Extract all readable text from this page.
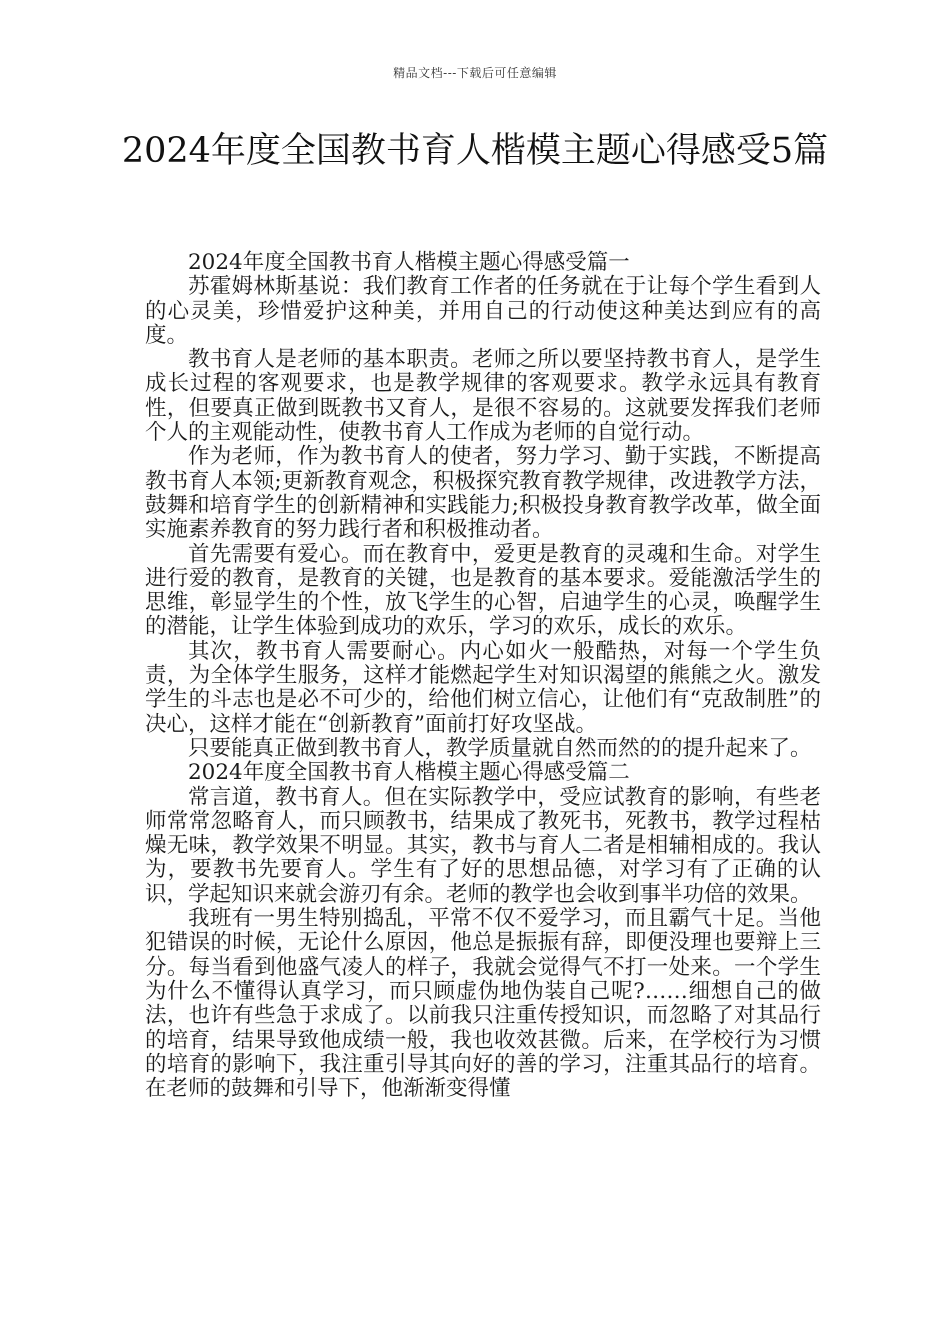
精品文档---下载后可任意编辑
2024年度全国教书育人楷模主题心得感受5篇

2024年度全国教书育人楷模主题心得感受篇一

苏霍姆林斯基说：我们教育工作者的任务就在于让每个学生看到人的心灵美，珍惜爱护这种美，并用自己的行动使这种美达到应有的高度。

教书育人是老师的基本职责。老师之所以要坚持教书育人，是学生成长过程的客观要求，也是教学规律的客观要求。教学永远具有教育性，但要真正做到既教书又育人，是很不容易的。这就要发挥我们老师个人的主观能动性，使教书育人工作成为老师的自觉行动。

作为老师，作为教书育人的使者，努力学习、勤于实践，不断提高教书育人本领;更新教育观念，积极探究教育教学规律，改进教学方法，鼓舞和培育学生的创新精神和实践能力;积极投身教育教学改革，做全面实施素养教育的努力践行者和积极推动者。

首先需要有爱心。而在教育中，爱更是教育的灵魂和生命。对学生进行爱的教育，是教育的关键，也是教育的基本要求。爱能激活学生的思维，彰显学生的个性，放飞学生的心智，启迪学生的心灵，唤醒学生的潜能，让学生体验到成功的欢乐，学习的欢乐，成长的欢乐。

其次，教书育人需要耐心。内心如火一般酷热，对每一个学生负责，为全体学生服务，这样才能燃起学生对知识渴望的熊熊之火。激发学生的斗志也是必不可少的，给他们树立信心，让他们有“克敌制胜”的 决心，这样才能在“创新教育”面前打好攻坚战。

只要能真正做到教书育人，教学质量就自然而然的的提升起来了。

2024年度全国教书育人楷模主题心得感受篇二

常言道，教书育人。但在实际教学中，受应试教育的影响，有些老师常常忽略育人，而只顾教书，结果成了教死书，死教书，教学过程枯燥无味，教学效果不明显。其实，教书与育人二者是相辅相成的。我认为，要教书先要育人。学生有了好的思想品德，对学习有了正确的认识，学起知识来就会游刃有余。老师的教学也会收到事半功倍的效果。

我班有一男生特别捣乱，平常不仅不爱学习，而且霸气十足。当他犯错误的时候，无论什么原因，他总是振振有辞，即便没理也要辩上三分。每当看到他盛气凌人的样子，我就会觉得气不打一处来。一个学生为什么不懂得认真学习，而只顾虚伪地伪装自己呢?……细想自己的做法，也许有些急于求成了。以前我只注重传授知识，而忽略了对其品行的培育，结果导致他成绩一般，我也收效甚微。后来，在学校行为习惯的培育的影响下，我注重引导其向好的善的学习，注重其品行的培育。在老师的鼓舞和引导下，他渐渐变得懂
